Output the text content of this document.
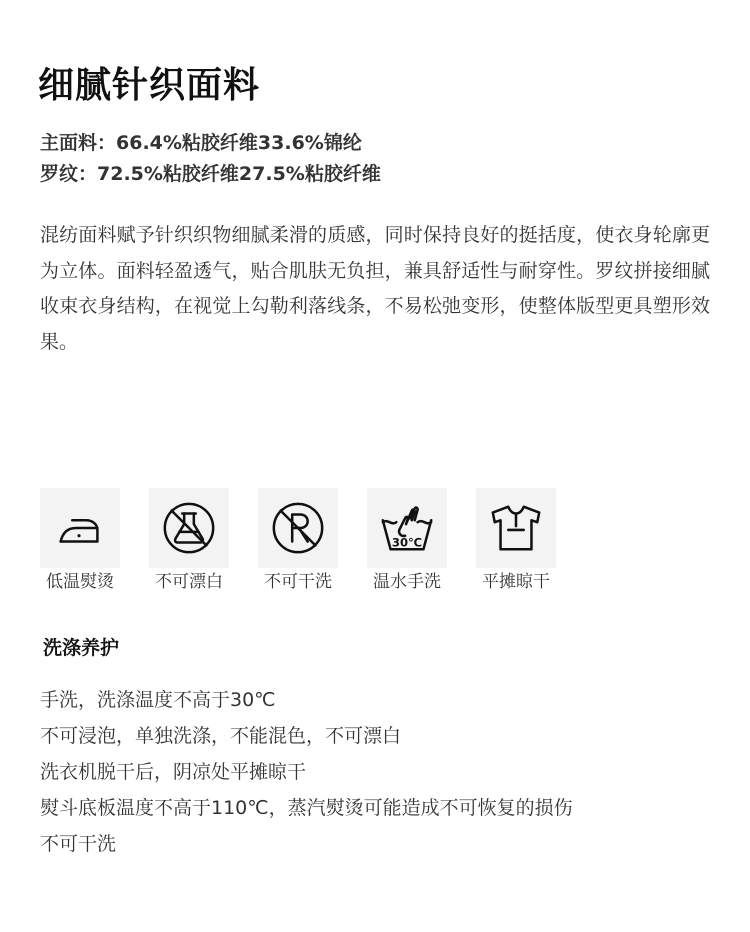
细腻针织面料
主面料：66.4%粘胶纤维33.6%锦纶
罗纹：72.5%粘胶纤维27.5%粘胶纤维

混纺面料赋予针织织物细腻柔滑的质感，同时保持良好的挺括度，使衣身轮廓更为立体。面料轻盈透气，贴合肌肤无负担，兼具舒适性与耐穿性。罗纹拼接细腻收束衣身结构，在视觉上勾勒利落线条，不易松弛变形，使整体版型更具塑形效果。

低温熨烫 不可漂白 不可干洗
30℃
温水手洗 平摊晾干
洗涤养护
手洗，洗涤温度不高于30℃
不可浸泡，单独洗涤，不能混色，不可漂白
洗衣机脱干后，阴凉处平摊晾干
熨斗底板温度不高于110℃，蒸汽熨烫可能造成不可恢复的损伤
不可干洗
